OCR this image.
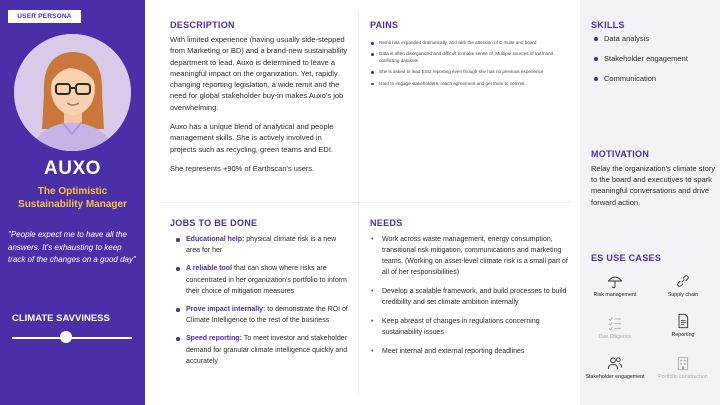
USER PERSONA
AUXO
The Optimistic Sustainability Manager
"People expect me to have all the answers. It's exhausting to keep track of the changes on a good day"
CLIMATE SAVVINESS
DESCRIPTION

With limited experience (having usually side-stepped from Marketing or BD) and a brand-new sustainability department to lead, Auxo is determined to leave a meaningful impact on the organization. Yet, rapidly changing reporting legislation, a wide remit and the need for global stakeholder buy-in makes Auxo's job overwhelming.

Auxo has a unique blend of analytical and people management skills. She is actively involved in projects such as recycling, green teams and EDI.

She represents +90% of Earthscan's users.

PAINS
Remit has expanded dramatically, and with the attention of C-Suite and board
Data is often disorganized and difficult to make sense of. Multiple sources of truth and conflicting datasets
She is asked to lead ESG reporting even though she has no previous experience
Hard to engage stakeholders, reach agreement and get them to commit.
JOBS TO BE DONE
Educational help: physical climate risk is a new area for her
A reliable tool that can show where risks are concentrated in her organization's portfolio to inform their choice of mitigation measures
Prove impact internally: to demonstrate the ROI of Climate Intelligence to the rest of the business
Speed reporting: To meet investor and stakeholder demand for granular climate intelligence quickly and accurately
NEEDS
• Work across waste management, energy consumption, transitional risk mitigation, communications and marketing teams. (Working on asset-level climate risk is a small part of all of her responsibilities)
• Develop a scalable framework, and build processes to build credibility and set climate ambition internally
• Keep abreast of changes in regulations concerning sustainability issues
• Meet internal and external reporting deadlines
SKILLS
Data analysis
Stakeholder engagement
Communication
MOTIVATION

Relay the organization's climate story to the board and executives to spark meaningful conversations and drive forward action.

ES USE CASES
Risk management	Supply chain
Due Diligence	Reporting
Stakeholder engagement	Portfolio construction
